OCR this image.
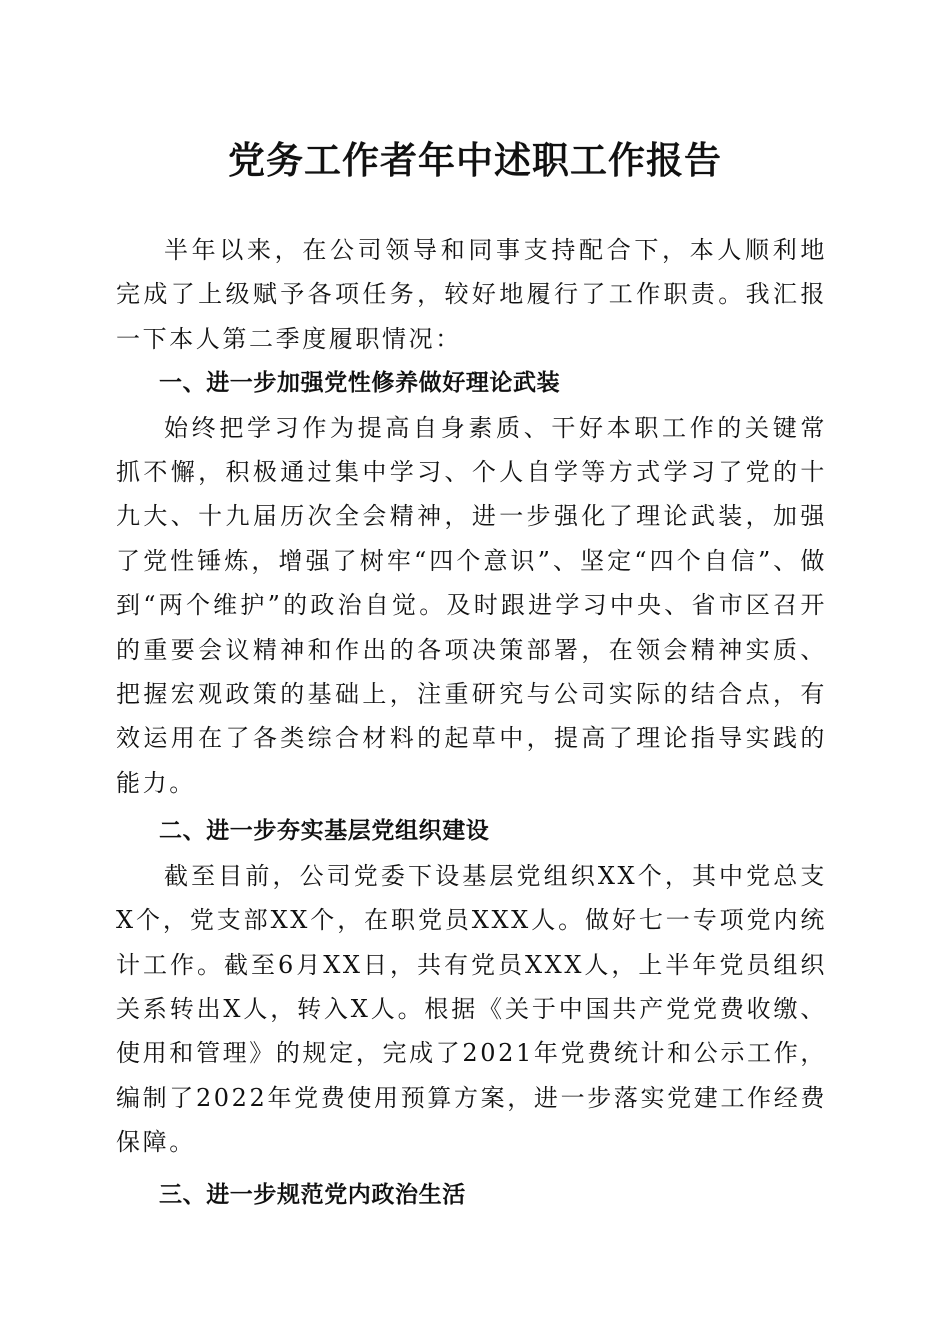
党务工作者年中述职工作报告

半年以来，在公司领导和同事支持配合下，本人顺利地完成了上级赋予各项任务，较好地履行了工作职责。我汇报一下本人第二季度履职情况：

一、进一步加强党性修养做好理论武装

始终把学习作为提高自身素质、干好本职工作的关键常抓不懈，积极通过集中学习、个人自学等方式学习了党的十九大、十九届历次全会精神，进一步强化了理论武装，加强了党性锤炼，增强了树牢“四个意识”、坚定“四个自信”、做到“两个维护”的政治自觉。及时跟进学习中央、省市区召开的重要会议精神和作出的各项决策部署，在领会精神实质、把握宏观政策的基础上，注重研究与公司实际的结合点，有效运用在了各类综合材料的起草中，提高了理论指导实践的能力。

二、进一步夯实基层党组织建设

截至目前，公司党委下设基层党组织XX个，其中党总支X个，党支部XX个，在职党员XXX人。做好七一专项党内统计工作。截至6月XX日，共有党员XXX人，上半年党员组织关系转出X人，转入X人。根据《关于中国共产党党费收缴、使用和管理》的规定，完成了2021年党费统计和公示工作，编制了2022年党费使用预算方案，进一步落实党建工作经费保障。

三、进一步规范党内政治生活
